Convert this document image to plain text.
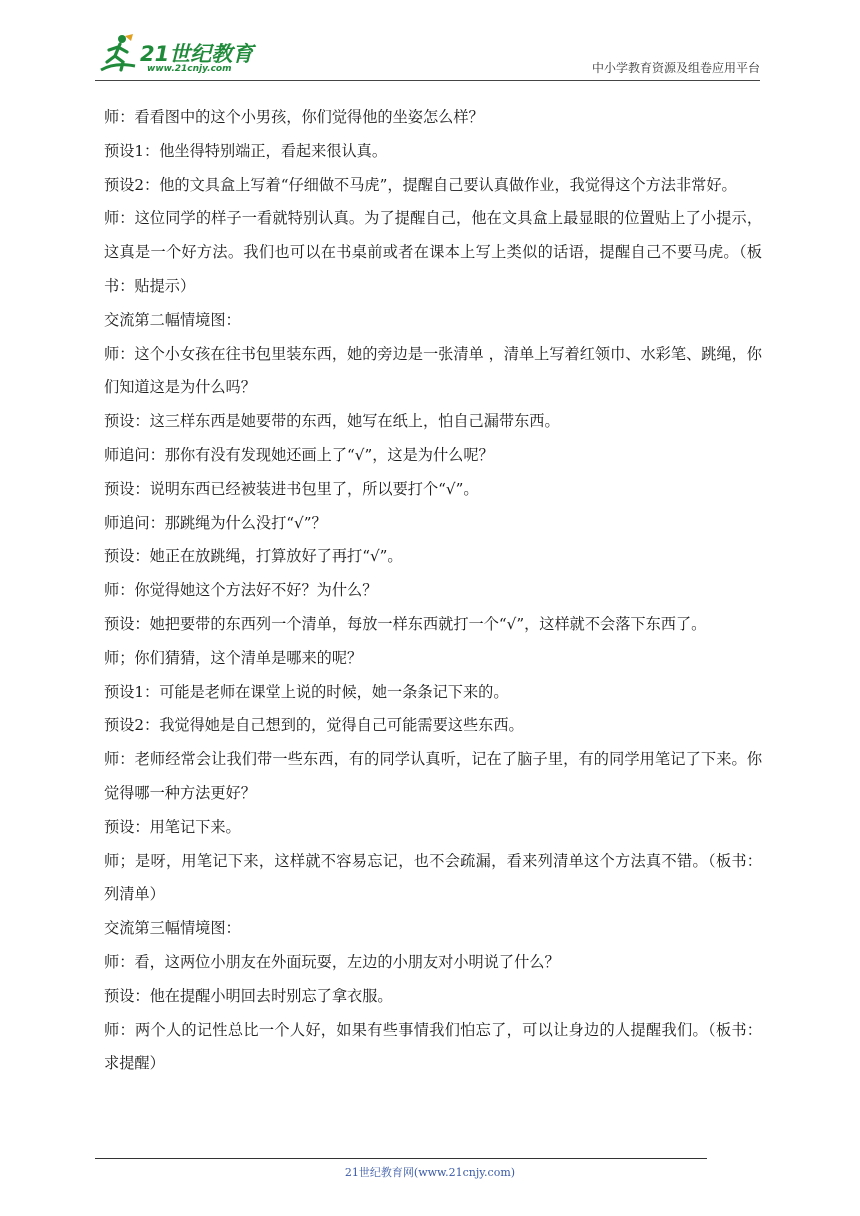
21世纪教育
www.21cnjy.com	中小学教育资源及组卷应用平台

师：看看图中的这个小男孩，你们觉得他的坐姿怎么样？

预设1：他坐得特别端正，看起来很认真。

预设2：他的文具盒上写着“仔细做不马虎”，提醒自己要认真做作业，我觉得这个方法非常好。

师：这位同学的样子一看就特别认真。为了提醒自己，他在文具盒上最显眼的位置贴上了小提示，这真是一个好方法。我们也可以在书桌前或者在课本上写上类似的话语，提醒自己不要马虎。（板书：贴提示）

交流第二幅情境图：

师：这个小女孩在往书包里装东西，她的旁边是一张清单 ，清单上写着红领巾、水彩笔、跳绳，你们知道这是为什么吗？

预设：这三样东西是她要带的东西，她写在纸上，怕自己漏带东西。

师追问：那你有没有发现她还画上了“√”，这是为什么呢？

预设：说明东西已经被装进书包里了，所以要打个“√”。

师追问：那跳绳为什么没打“√”？

预设：她正在放跳绳，打算放好了再打“√”。

师：你觉得她这个方法好不好？为什么？

预设：她把要带的东西列一个清单，每放一样东西就打一个“√”，这样就不会落下东西了。

师；你们猜猜，这个清单是哪来的呢？

预设1：可能是老师在课堂上说的时候，她一条条记下来的。

预设2：我觉得她是自己想到的，觉得自己可能需要这些东西。

师：老师经常会让我们带一些东西，有的同学认真听，记在了脑子里，有的同学用笔记了下来。你觉得哪一种方法更好？

预设：用笔记下来。

师；是呀，用笔记下来，这样就不容易忘记，也不会疏漏，看来列清单这个方法真不错。（板书：列清单）

交流第三幅情境图：

师：看，这两位小朋友在外面玩耍，左边的小朋友对小明说了什么？

预设：他在提醒小明回去时别忘了拿衣服。

师：两个人的记性总比一个人好，如果有些事情我们怕忘了，可以让身边的人提醒我们。（板书：求提醒）

21世纪教育网(www.21cnjy.com)
